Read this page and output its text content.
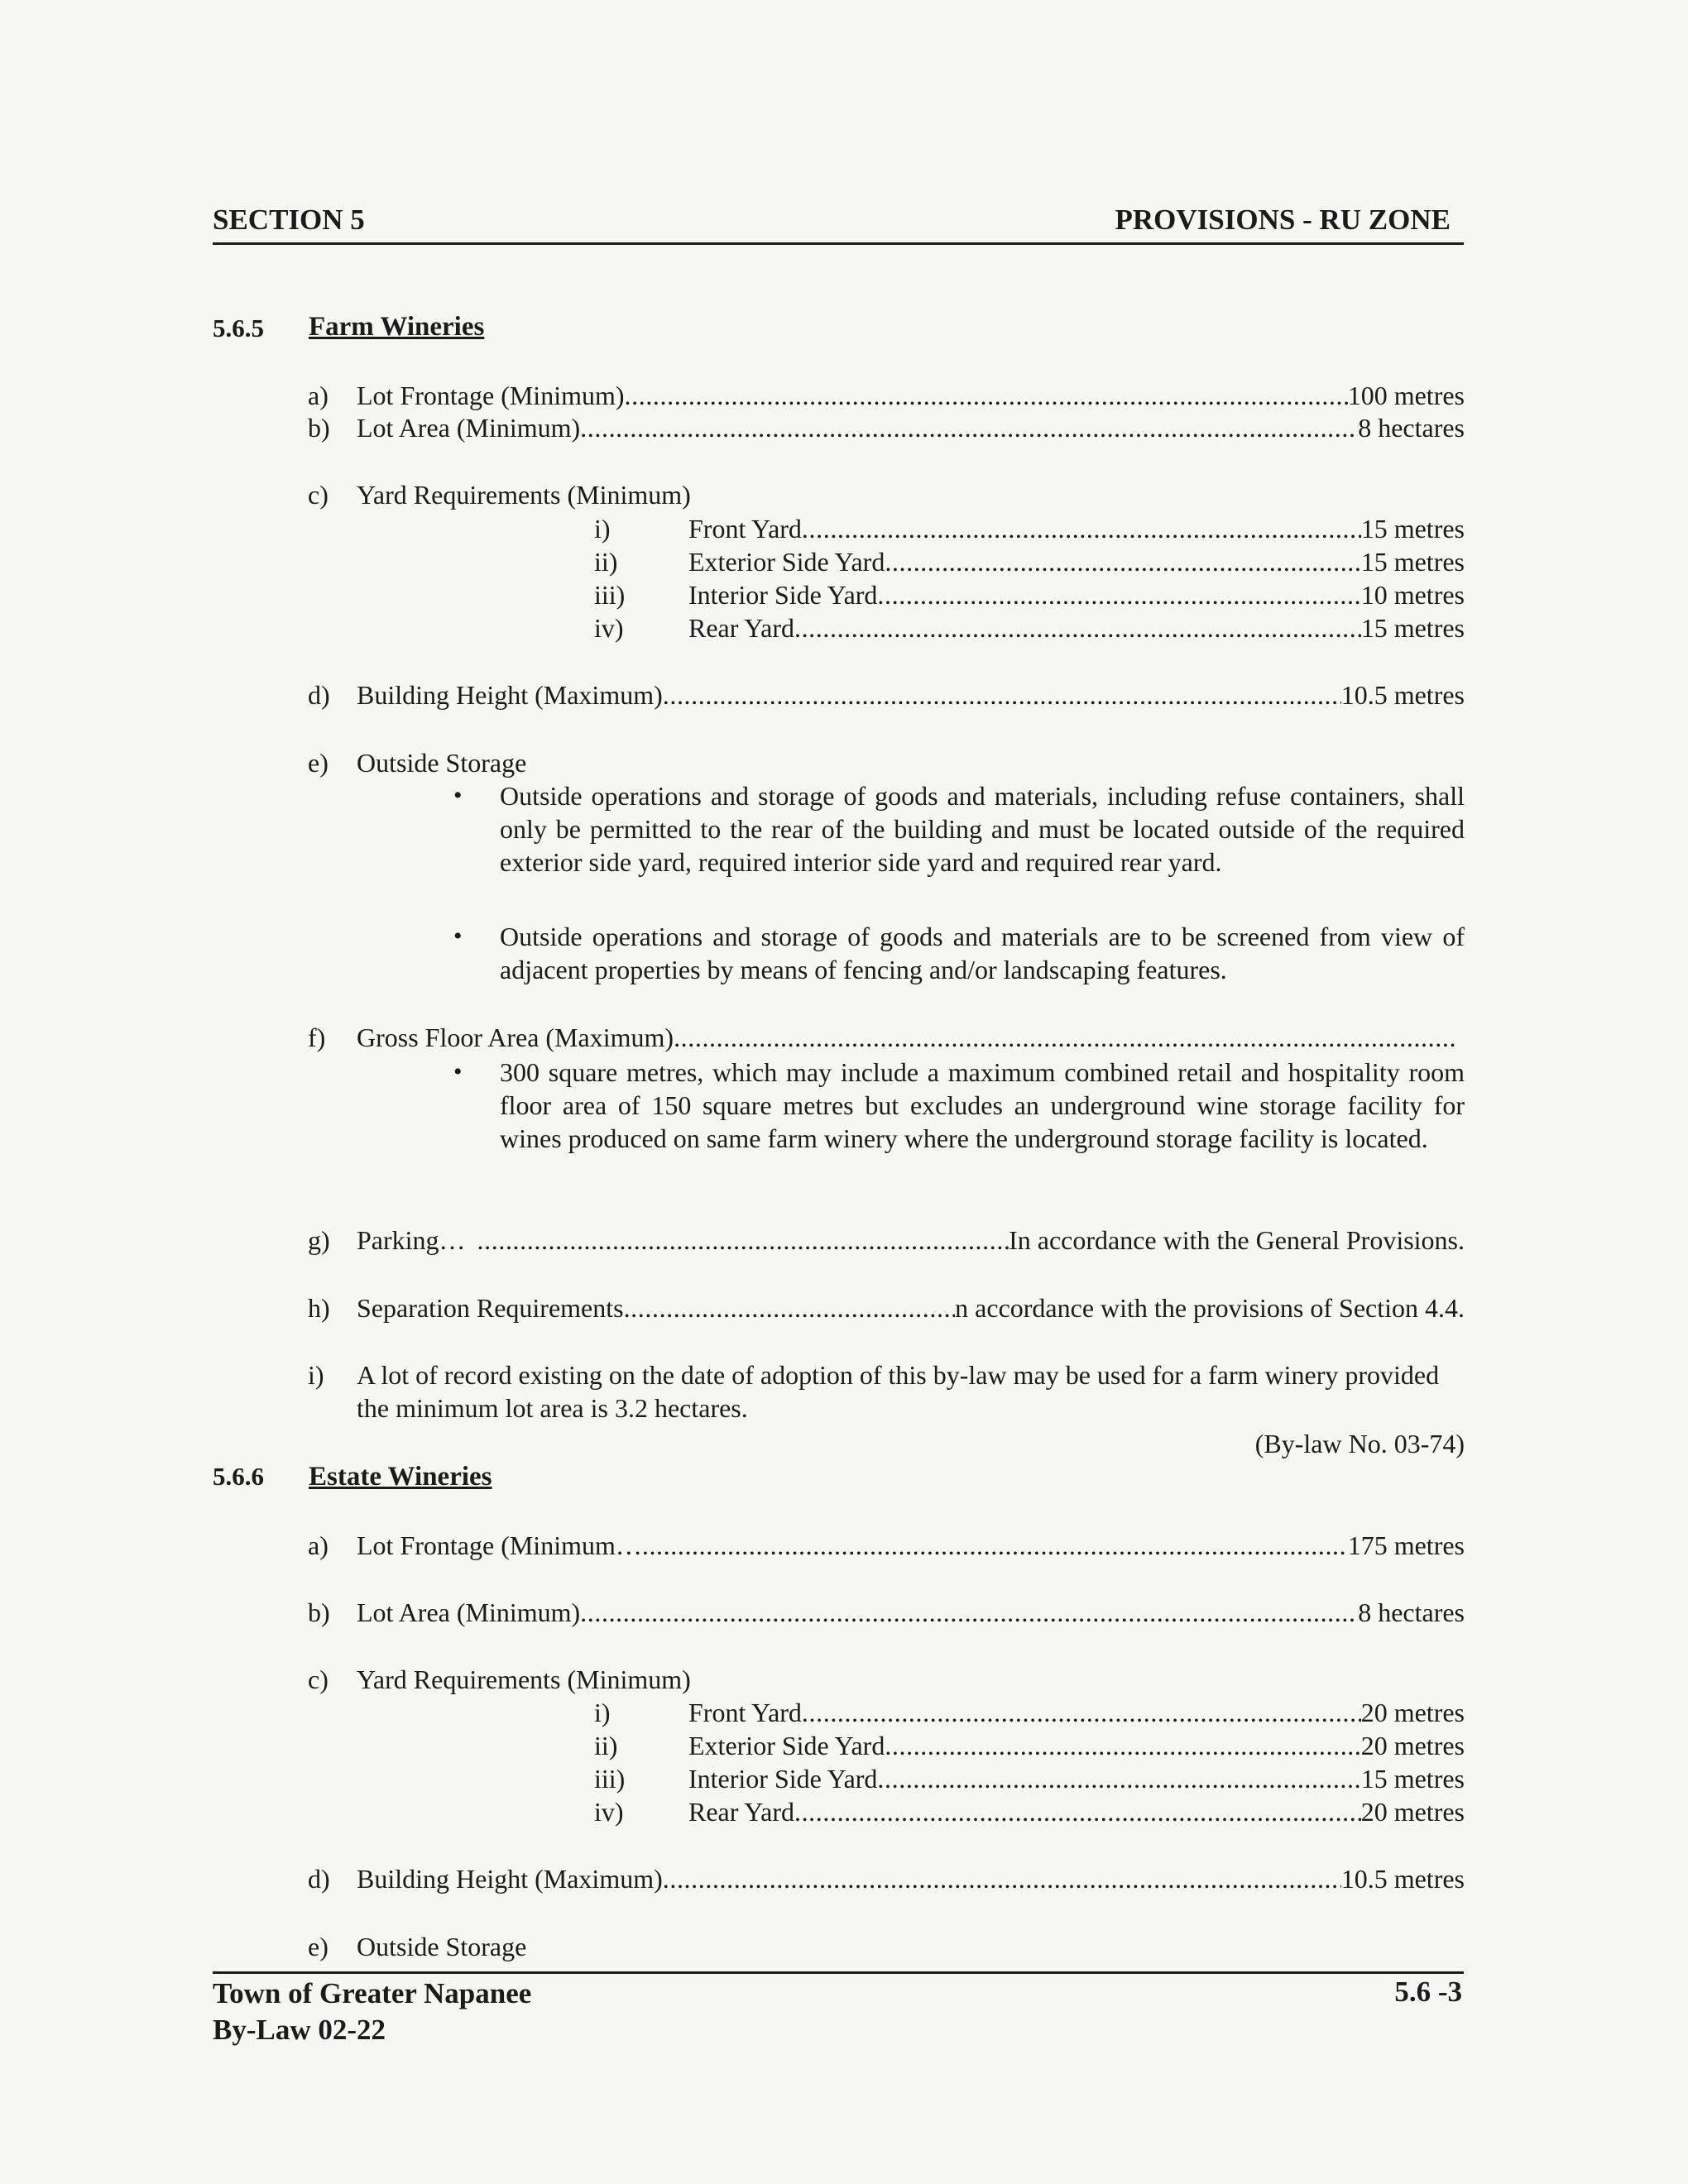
SECTION 5	PROVISIONS - RU ZONE
5.6.5 Farm Wineries
a) Lot Frontage (Minimum) .....	100 metres
b) Lot Area (Minimum) .....	8 hectares
c) Yard Requirements (Minimum)
i)	Front Yard .....	15 metres
ii)	Exterior Side Yard .....	15 metres
iii) Interior Side Yard .....	10 metres
iv) Rear Yard .....	15 metres
d) Building Height (Maximum) .....	10.5 metres
e) Outside Storage
• Outside operations and storage of goods and materials, including refuse containers, shall only be permitted to the rear of the building and must be located outside of the required exterior side yard, required interior side yard and required rear yard.
• Outside operations and storage of goods and materials are to be screened from view of adjacent properties by means of fencing and/or landscaping features.
f) Gross Floor Area (Maximum)
.....
• 300 square metres, which may include a maximum combined retail and hospitality room floor area of 150 square metres but excludes an underground wine storage facility for wines produced on same farm winery where the underground storage facility is located.
g) Parking… .....	In accordance with the General Provisions.
h) Separation Requirements .....	n accordance with the provisions of Section 4.4.
i) A lot of record existing on the date of adoption of this by-law may be used for a farm winery provided the minimum lot area is 3.2 hectares.
(By-law No. 03-74)
5.6.6 Estate Wineries
a) Lot Frontage (Minimum… .....	175 metres
b) Lot Area (Minimum) .....	8 hectares
c) Yard Requirements (Minimum)
i)	Front Yard .....	20 metres
ii)	Exterior Side Yard .....	20 metres
iii) Interior Side Yard .....	15 metres
iv) Rear Yard .....	20 metres
d) Building Height (Maximum) .....	10.5 metres
e) Outside Storage
Town of Greater Napanee
By-Law 02-22
5.6 -3
